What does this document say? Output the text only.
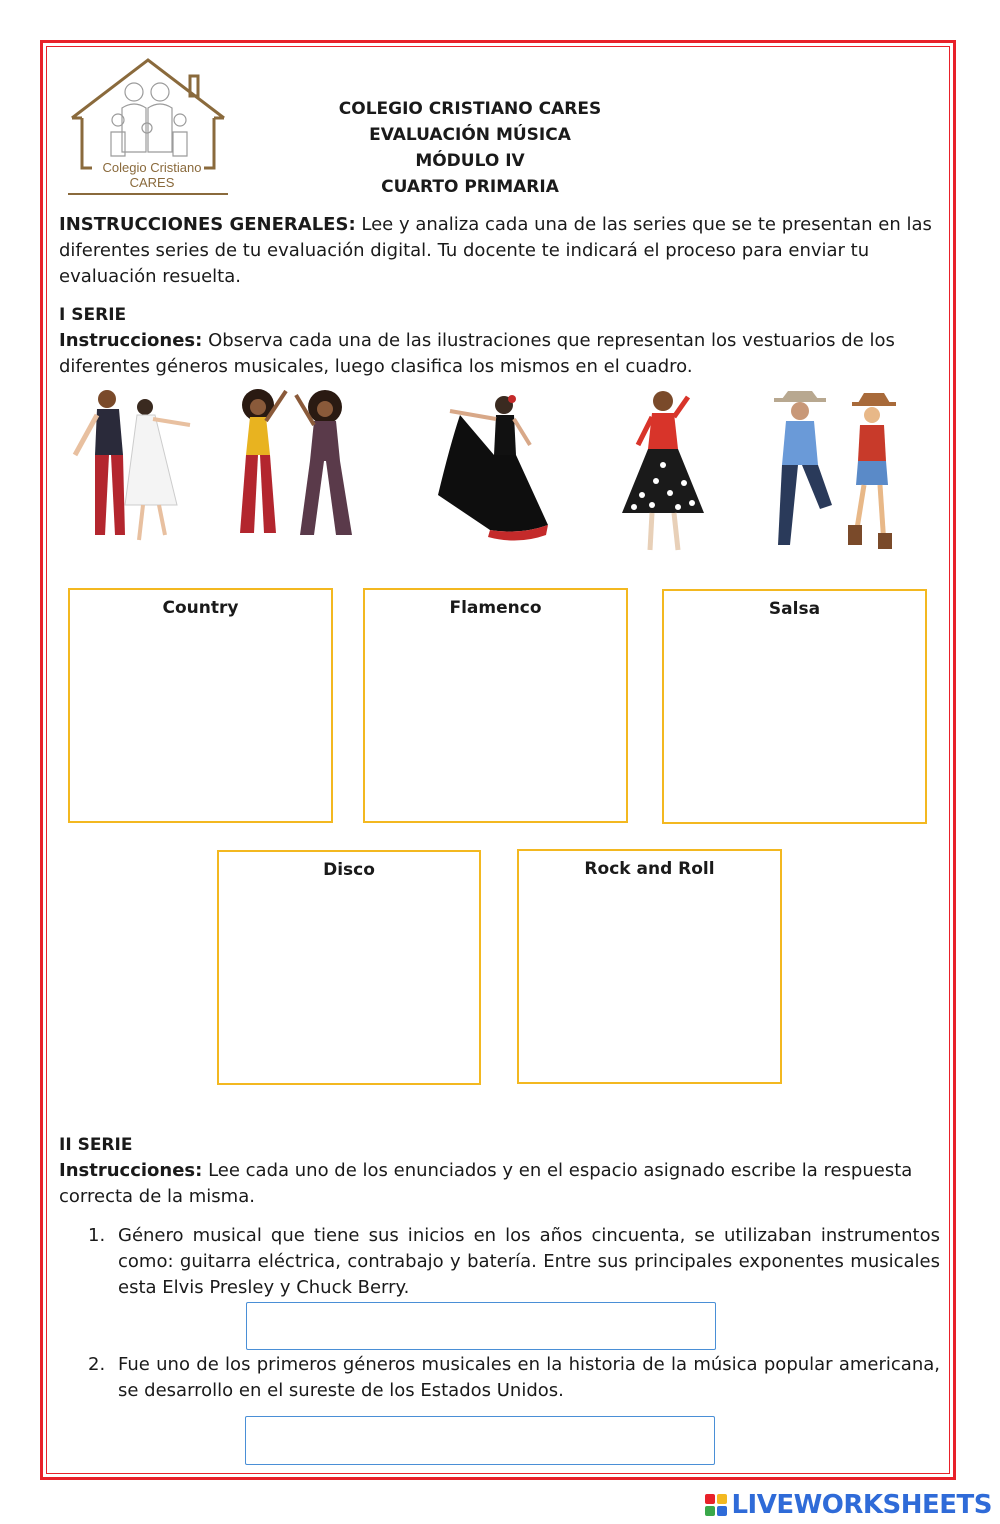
Colegio Cristiano
CARES
COLEGIO CRISTIANO CARES
EVALUACIÓN MÚSICA
MÓDULO IV
CUARTO PRIMARIA
INSTRUCCIONES GENERALES: Lee y analiza cada una de las series que se te presentan en las diferentes series de tu evaluación digital. Tu docente te indicará el proceso para enviar tu evaluación resuelta.
I SERIE
Instrucciones: Observa cada una de las ilustraciones que representan los vestuarios de los diferentes géneros musicales, luego clasifica los mismos en el cuadro.
Country	Flamenco	Salsa
Disco	Rock and Roll
II SERIE
Instrucciones: Lee cada uno de los enunciados y en el espacio asignado escribe la respuesta correcta de la misma.
1. Género musical que tiene sus inicios en los años cincuenta, se utilizaban instrumentos como: guitarra eléctrica, contrabajo y batería. Entre sus principales exponentes musicales esta Elvis Presley y Chuck Berry.
2. Fue uno de los primeros géneros musicales en la historia de la música popular americana, se desarrollo en el sureste de los Estados Unidos.
LIVEWORKSHEETS
